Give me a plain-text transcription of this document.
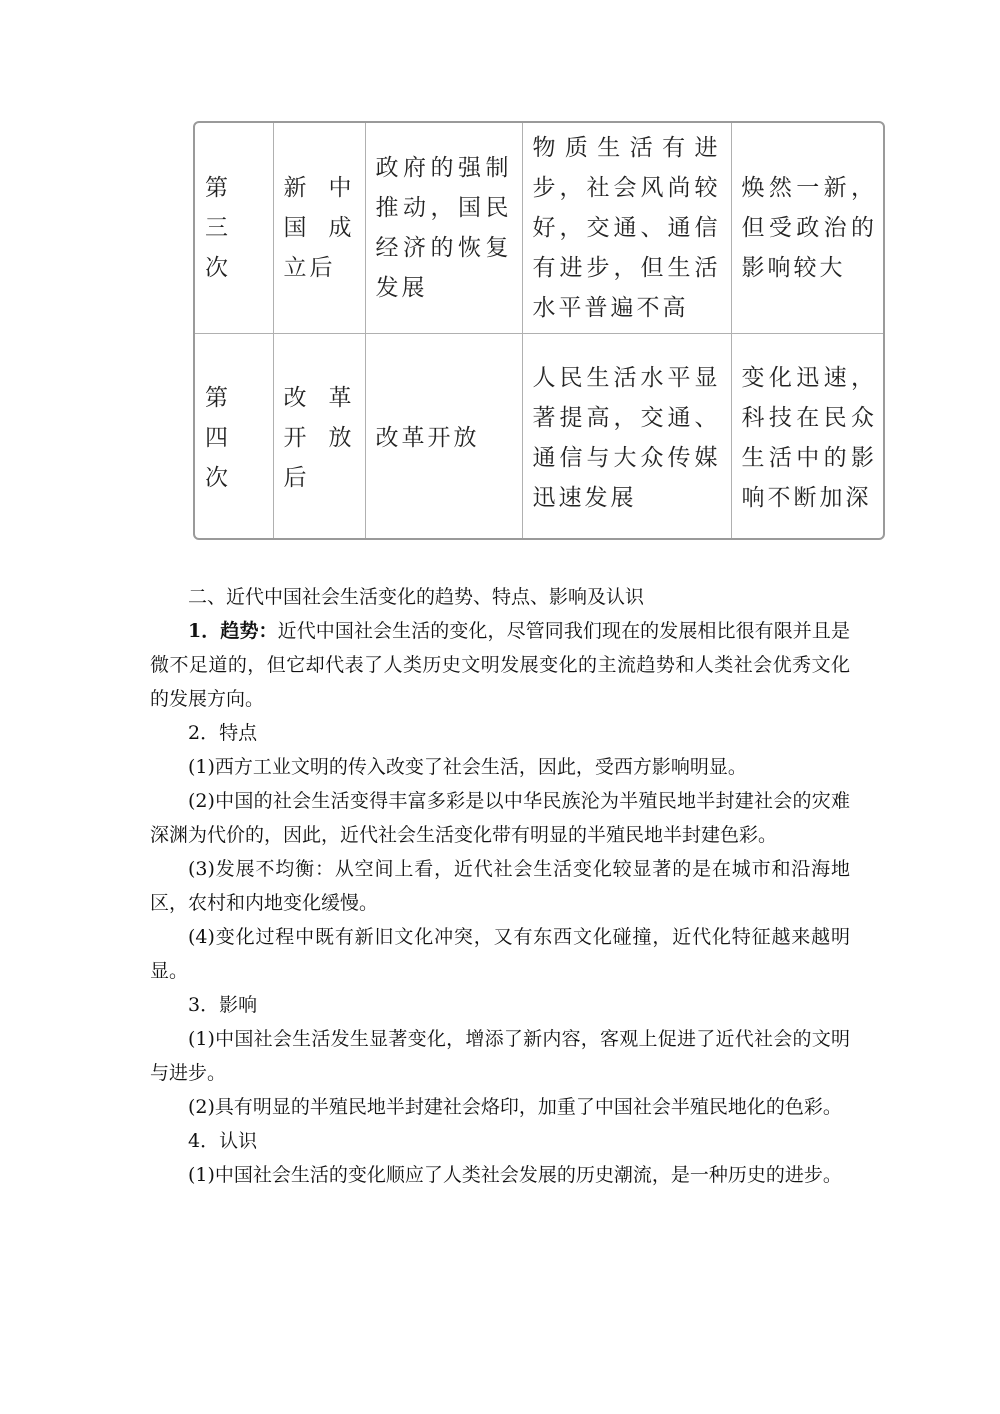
第
三
次	新中国成立后	政府的强制推动，国民经济的恢复发展	物质生活有进步，社会风尚较好，交通、通信有进步，但生活水平普遍不高	焕然一新，但受政治的影响较大

第
四
次	改革开放后	改革开放	人民生活水平显著提高，交通、通信与大众传媒迅速发展	变化迅速，科技在民众生活中的影响不断加深

二、近代中国社会生活变化的趋势、特点、影响及认识

1．趋势：近代中国社会生活的变化，尽管同我们现在的发展相比很有限并且是微不足道的，但它却代表了人类历史文明发展变化的主流趋势和人类社会优秀文化的发展方向。

2．特点

(1)西方工业文明的传入改变了社会生活，因此，受西方影响明显。

(2)中国的社会生活变得丰富多彩是以中华民族沦为半殖民地半封建社会的灾难深渊为代价的，因此，近代社会生活变化带有明显的半殖民地半封建色彩。

(3)发展不均衡：从空间上看，近代社会生活变化较显著的是在城市和沿海地区，农村和内地变化缓慢。

(4)变化过程中既有新旧文化冲突，又有东西文化碰撞，近代化特征越来越明显。

3．影响

(1)中国社会生活发生显著变化，增添了新内容，客观上促进了近代社会的文明与进步。

(2)具有明显的半殖民地半封建社会烙印，加重了中国社会半殖民地化的色彩。

4．认识

(1)中国社会生活的变化顺应了人类社会发展的历史潮流，是一种历史的进步。
